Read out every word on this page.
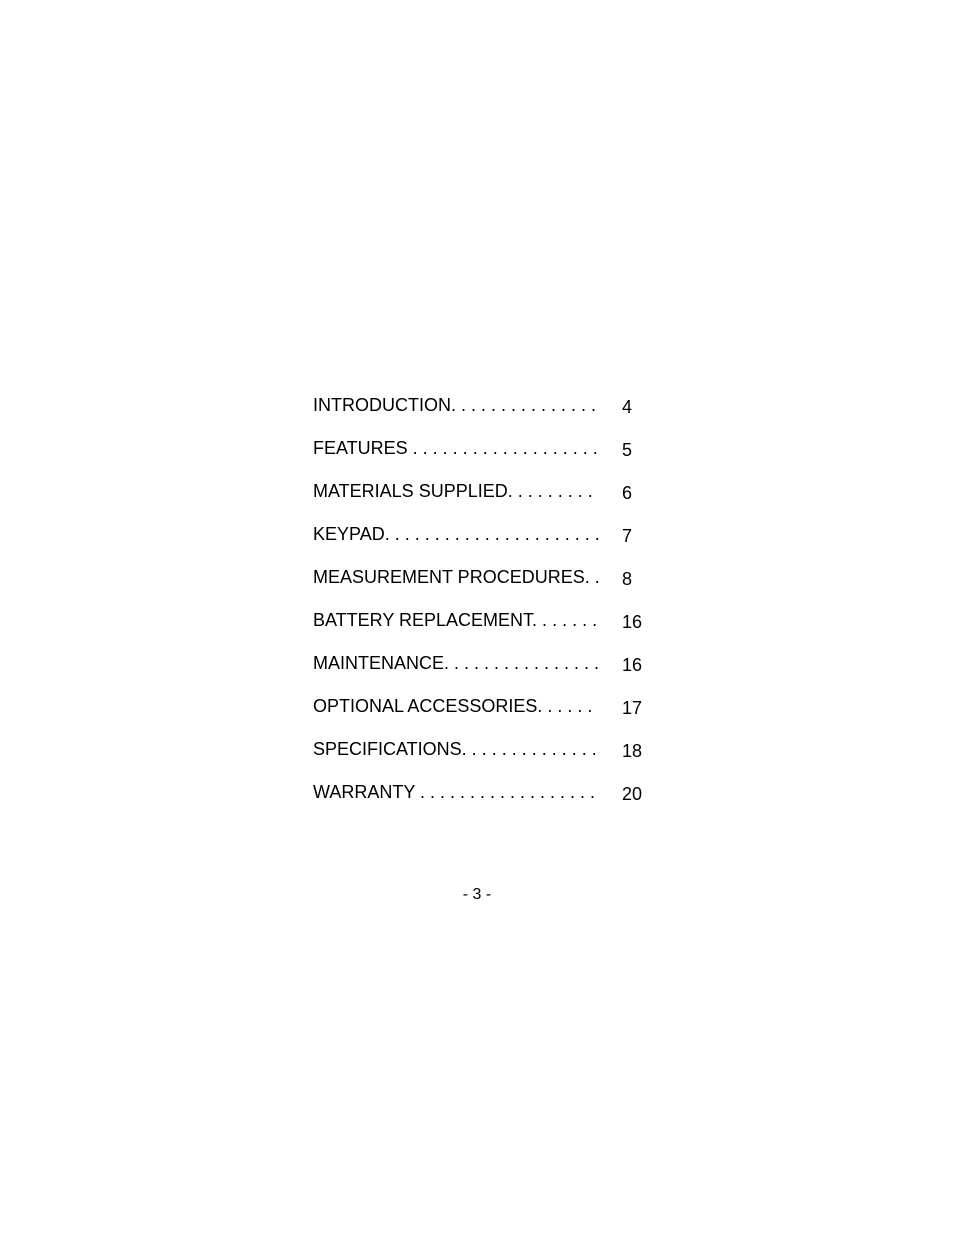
INTRODUCTION. . . . . . . . . . . . . . .

4

FEATURES . . . . . . . . . . . . . . . . . . .

5

MATERIALS SUPPLIED. . . . . . . . .

6

KEYPAD. . . . . . . . . . . . . . . . . . . . . .

7

MEASUREMENT PROCEDURES. .

8

BATTERY REPLACEMENT. . . . . . .

16

MAINTENANCE. . . . . . . . . . . . . . . .

16

OPTIONAL ACCESSORIES. . . . . .

17

SPECIFICATIONS. . . . . . . . . . . . . .

18

WARRANTY . . . . . . . . . . . . . . . . . .

20

- 3 -
